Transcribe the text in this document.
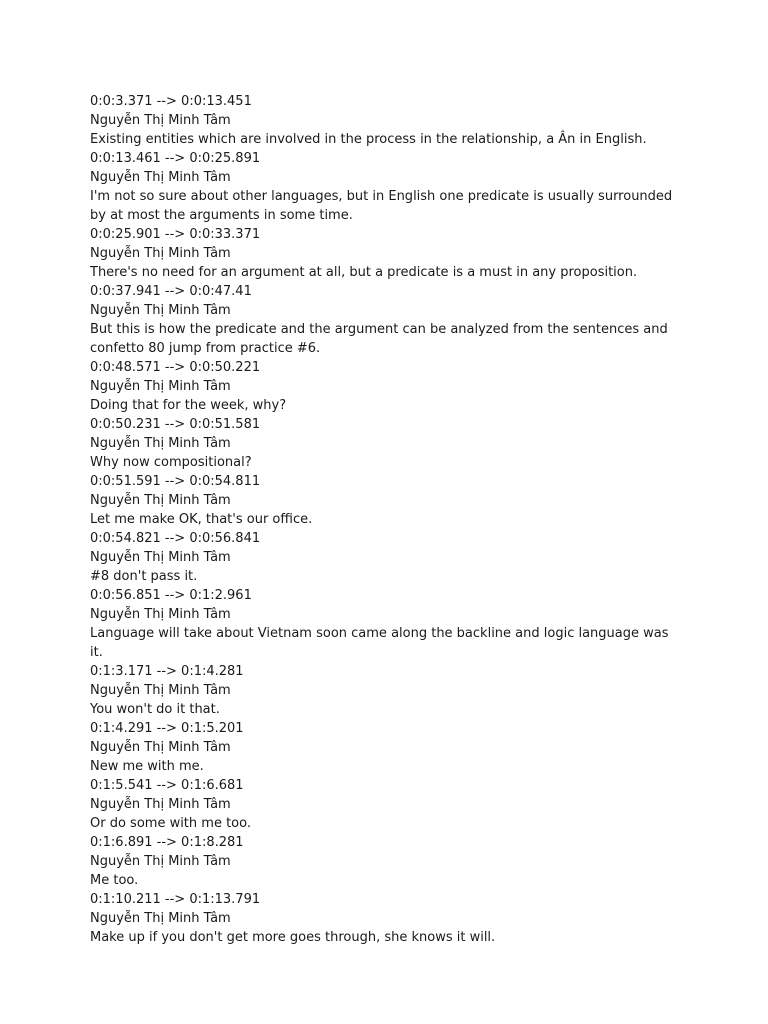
0:0:3.371 --> 0:0:13.451
Nguyễn Thị Minh Tâm
Existing entities which are involved in the process in the relationship, a Ân in English.
0:0:13.461 --> 0:0:25.891
Nguyễn Thị Minh Tâm
I'm not so sure about other languages, but in English one predicate is usually surrounded by at most the arguments in some time.
0:0:25.901 --> 0:0:33.371
Nguyễn Thị Minh Tâm
There's no need for an argument at all, but a predicate is a must in any proposition.
0:0:37.941 --> 0:0:47.41
Nguyễn Thị Minh Tâm
But this is how the predicate and the argument can be analyzed from the sentences and confetto 80 jump from practice #6.
0:0:48.571 --> 0:0:50.221
Nguyễn Thị Minh Tâm
Doing that for the week, why?
0:0:50.231 --> 0:0:51.581
Nguyễn Thị Minh Tâm
Why now compositional?
0:0:51.591 --> 0:0:54.811
Nguyễn Thị Minh Tâm
Let me make OK, that's our office.
0:0:54.821 --> 0:0:56.841
Nguyễn Thị Minh Tâm
#8 don't pass it.
0:0:56.851 --> 0:1:2.961
Nguyễn Thị Minh Tâm
Language will take about Vietnam soon came along the backline and logic language was it.
0:1:3.171 --> 0:1:4.281
Nguyễn Thị Minh Tâm
You won't do it that.
0:1:4.291 --> 0:1:5.201
Nguyễn Thị Minh Tâm
New me with me.
0:1:5.541 --> 0:1:6.681
Nguyễn Thị Minh Tâm
Or do some with me too.
0:1:6.891 --> 0:1:8.281
Nguyễn Thị Minh Tâm
Me too.
0:1:10.211 --> 0:1:13.791
Nguyễn Thị Minh Tâm
Make up if you don't get more goes through, she knows it will.
